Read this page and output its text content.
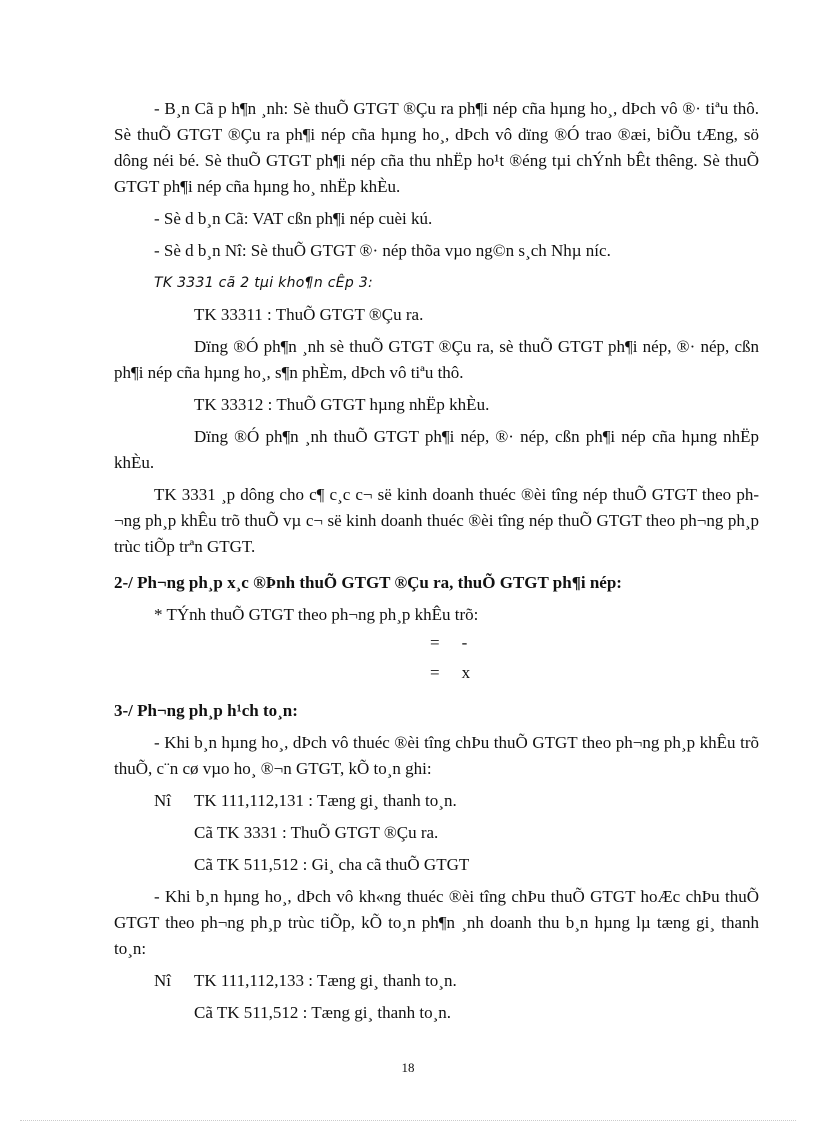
- B¸n Cã p h¶n ¸nh: Sè thuÕ GTGT ®Çu ra ph¶i nép cña hµng ho¸, dÞch vô ®· tiªu thô. Sè thuÕ GTGT ®Çu ra ph¶i nép cña hµng ho¸, dÞch vô dïng ®Ó trao ®æi, biÕu tÆng, sö dông néi bé. Sè thuÕ GTGT ph¶i nép cña thu nhËp ho¹t ®éng tµi chÝnh bÊt thêng. Sè thuÕ GTGT ph¶i nép cña hµng ho¸ nhËp khÈu.

- Sè d b¸n Cã: VAT cßn ph¶i nép cuèi kú.

- Sè d b¸n Nî: Sè thuÕ GTGT ®· nép thõa vµo ng©n s¸ch Nhµ níc.

TK 3331 cã 2 tµi kho¶n cÊp 3:

TK 33311 : ThuÕ GTGT ®Çu ra.

Dïng ®Ó ph¶n ¸nh sè thuÕ GTGT ®Çu ra, sè thuÕ GTGT ph¶i nép, ®· nép, cßn ph¶i nép cña hµng ho¸, s¶n phÈm, dÞch vô tiªu thô.

TK 33312 : ThuÕ GTGT hµng nhËp khÈu.

Dïng ®Ó ph¶n ¸nh thuÕ GTGT ph¶i nép, ®· nép, cßn ph¶i nép cña hµng nhËp khÈu.

TK 3331 ¸p dông cho c¶ c¸c c¬ së kinh doanh thuéc ®èi tîng nép thuÕ GTGT theo ph¬ng ph¸p khÊu trõ thuÕ vµ c¬ së kinh doanh thuéc ®èi tîng nép thuÕ GTGT theo ph¬ng ph¸p trùc tiÕp trªn GTGT.

2-/ Ph¬ng ph¸p x¸c ®Þnh thuÕ GTGT ®Çu ra, thuÕ GTGT ph¶i nép:

* TÝnh thuÕ GTGT theo ph¬ng ph¸p khÊu trõ:

= -
= x
3-/ Ph¬ng ph¸p h¹ch to¸n:

- Khi b¸n hµng ho¸, dÞch vô thuéc ®èi tîng chÞu thuÕ GTGT theo ph¬ng ph¸p khÊu trõ thuÕ, c¨n cø vµo ho¸ ®¬n GTGT, kÕ to¸n ghi:

Nî TK 111,112,131 : Tæng gi¸ thanh to¸n.

Cã TK 3331 : ThuÕ GTGT ®Çu ra.

Cã TK 511,512 : Gi¸ cha cã thuÕ GTGT

- Khi b¸n hµng ho¸, dÞch vô kh«ng thuéc ®èi tîng chÞu thuÕ GTGT hoÆc chÞu thuÕ GTGT theo ph¬ng ph¸p trùc tiÕp, kÕ to¸n ph¶n ¸nh doanh thu b¸n hµng lµ tæng gi¸ thanh to¸n:

Nî TK 111,112,133 : Tæng gi¸ thanh to¸n.

Cã TK 511,512 : Tæng gi¸ thanh to¸n.

18
